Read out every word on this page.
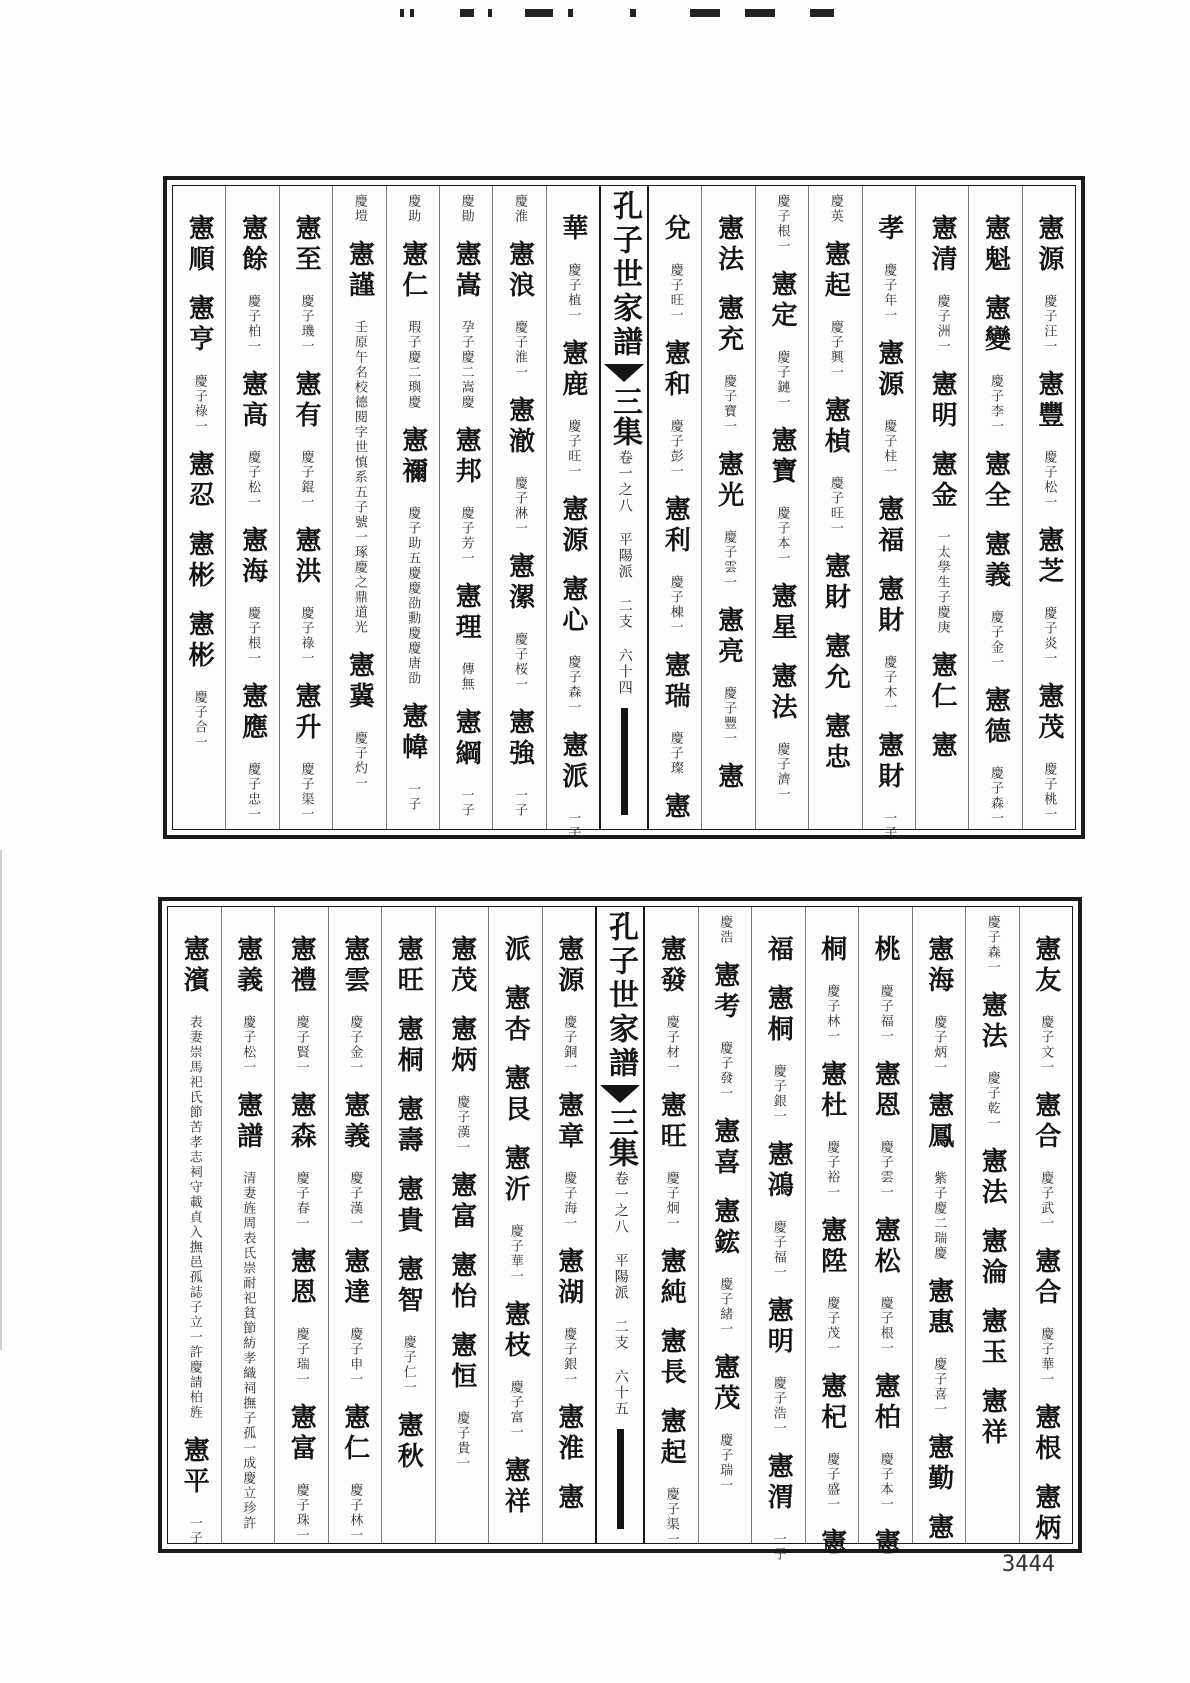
憲源
慶子汪一
憲豐
慶子松一
憲芝
慶子炎一
憲茂
慶子桃一
憲魁
憲變
慶子李一
憲全
憲義
慶子金一
憲德
慶子森一
憲清
慶子洲一
憲明
憲金
一太學生子慶庚
憲仁
憲
孝
慶子年一
憲源
慶子柱一
憲福
憲財
慶子木一
憲財
一子
慶英
憲起
慶子興一
憲楨
慶子旺一
憲財
憲允
憲忠
慶子根一
憲定
慶子鏈一
憲寶
慶子本一
憲星
憲法
慶子濟一
憲法
憲充
慶子寶一
憲光
慶子雲一
憲亮
慶子豐一
憲
兌
慶子旺一
憲和
慶子彭一
憲利
慶子棟一
憲瑞
慶子璨
憲
孔子世家譜
三集
卷一之八 平陽派 二支 六十四
華
慶子植一
憲鹿
慶子旺一
憲源
憲心
慶子森一
憲派
一子
慶淮
憲浪
慶子淮一
憲澈
慶子淋一
憲漯
慶子桜一
憲強
一子
慶勛
憲嵩
孕子慶二嵩慶
憲邦
慶子芳一
憲理
傳無
憲綱
一子
慶助
憲仁
瑕子慶二璵慶
憲禰
慶子助五慶慶劭勳慶慶唐劭
憲幃
一子
慶塏
憲謹
壬原午名校德閱字世慎系五子號一琢慶之鼎道光
憲冀
慶子灼一
憲至
慶子璣一
憲有
慶子錕一
憲洪
慶子祿一
憲升
慶子渠一
憲餘
慶子柏一
憲高
慶子松一
憲海
慶子根一
憲應
慶子忠一
憲順
憲亨
慶子祿一
憲忍
憲彬
憲彬
慶子合一
憲友
慶子文一
憲合
慶子武一
憲合
慶子華一
憲根
憲炳
慶子森一
憲法
慶子乾一
憲法
憲淪
憲玉
憲祥
憲海
慶子炳一
憲鳳
紫子慶二瑞慶
憲惠
慶子喜一
憲勤
憲
桃
慶子福一
憲恩
慶子雲一
憲松
慶子根一
憲柏
慶子本一
憲
桐
慶子林一
憲杜
慶子裕一
憲陞
慶子茂一
憲杞
慶子盛一
憲
福
憲桐
慶子銀一
憲鴻
慶子福一
憲明
慶子浩一
憲渭
一子
慶浩
憲考
慶子發一
憲喜
憲鋐
慶子緒一
憲茂
慶子瑞一
憲發
慶子材一
憲旺
慶子炯一
憲純
憲長
憲起
慶子渠一
孔子世家譜
三集
卷一之八 平陽派 二支 六十五
憲源
慶子銅一
憲章
慶子海一
憲湖
慶子銀一
憲淮
憲
派
憲杏
憲艮
憲沂
慶子華一
憲枝
慶子富一
憲祥
憲茂
憲炳
慶子漢一
憲富
憲怡
憲恒
慶子貴一
憲旺
憲桐
憲壽
憲貴
憲智
慶子仁一
憲秋
憲雲
慶子金一
憲義
慶子漢一
憲達
慶子申一
憲仁
慶子林一
憲禮
慶子賢一
憲森
慶子春一
憲恩
慶子瑞一
憲富
慶子珠一
憲義
慶子松一
憲譜
清妻旌周表氏崇耐祀貧節紡孝織祠撫子孤一成慶立珍許
憲濱
表妻崇馬祀氏節苦孝志祠守載貞入撫邑孤誌子立一許慶請柏旌
憲平
一子
3444
